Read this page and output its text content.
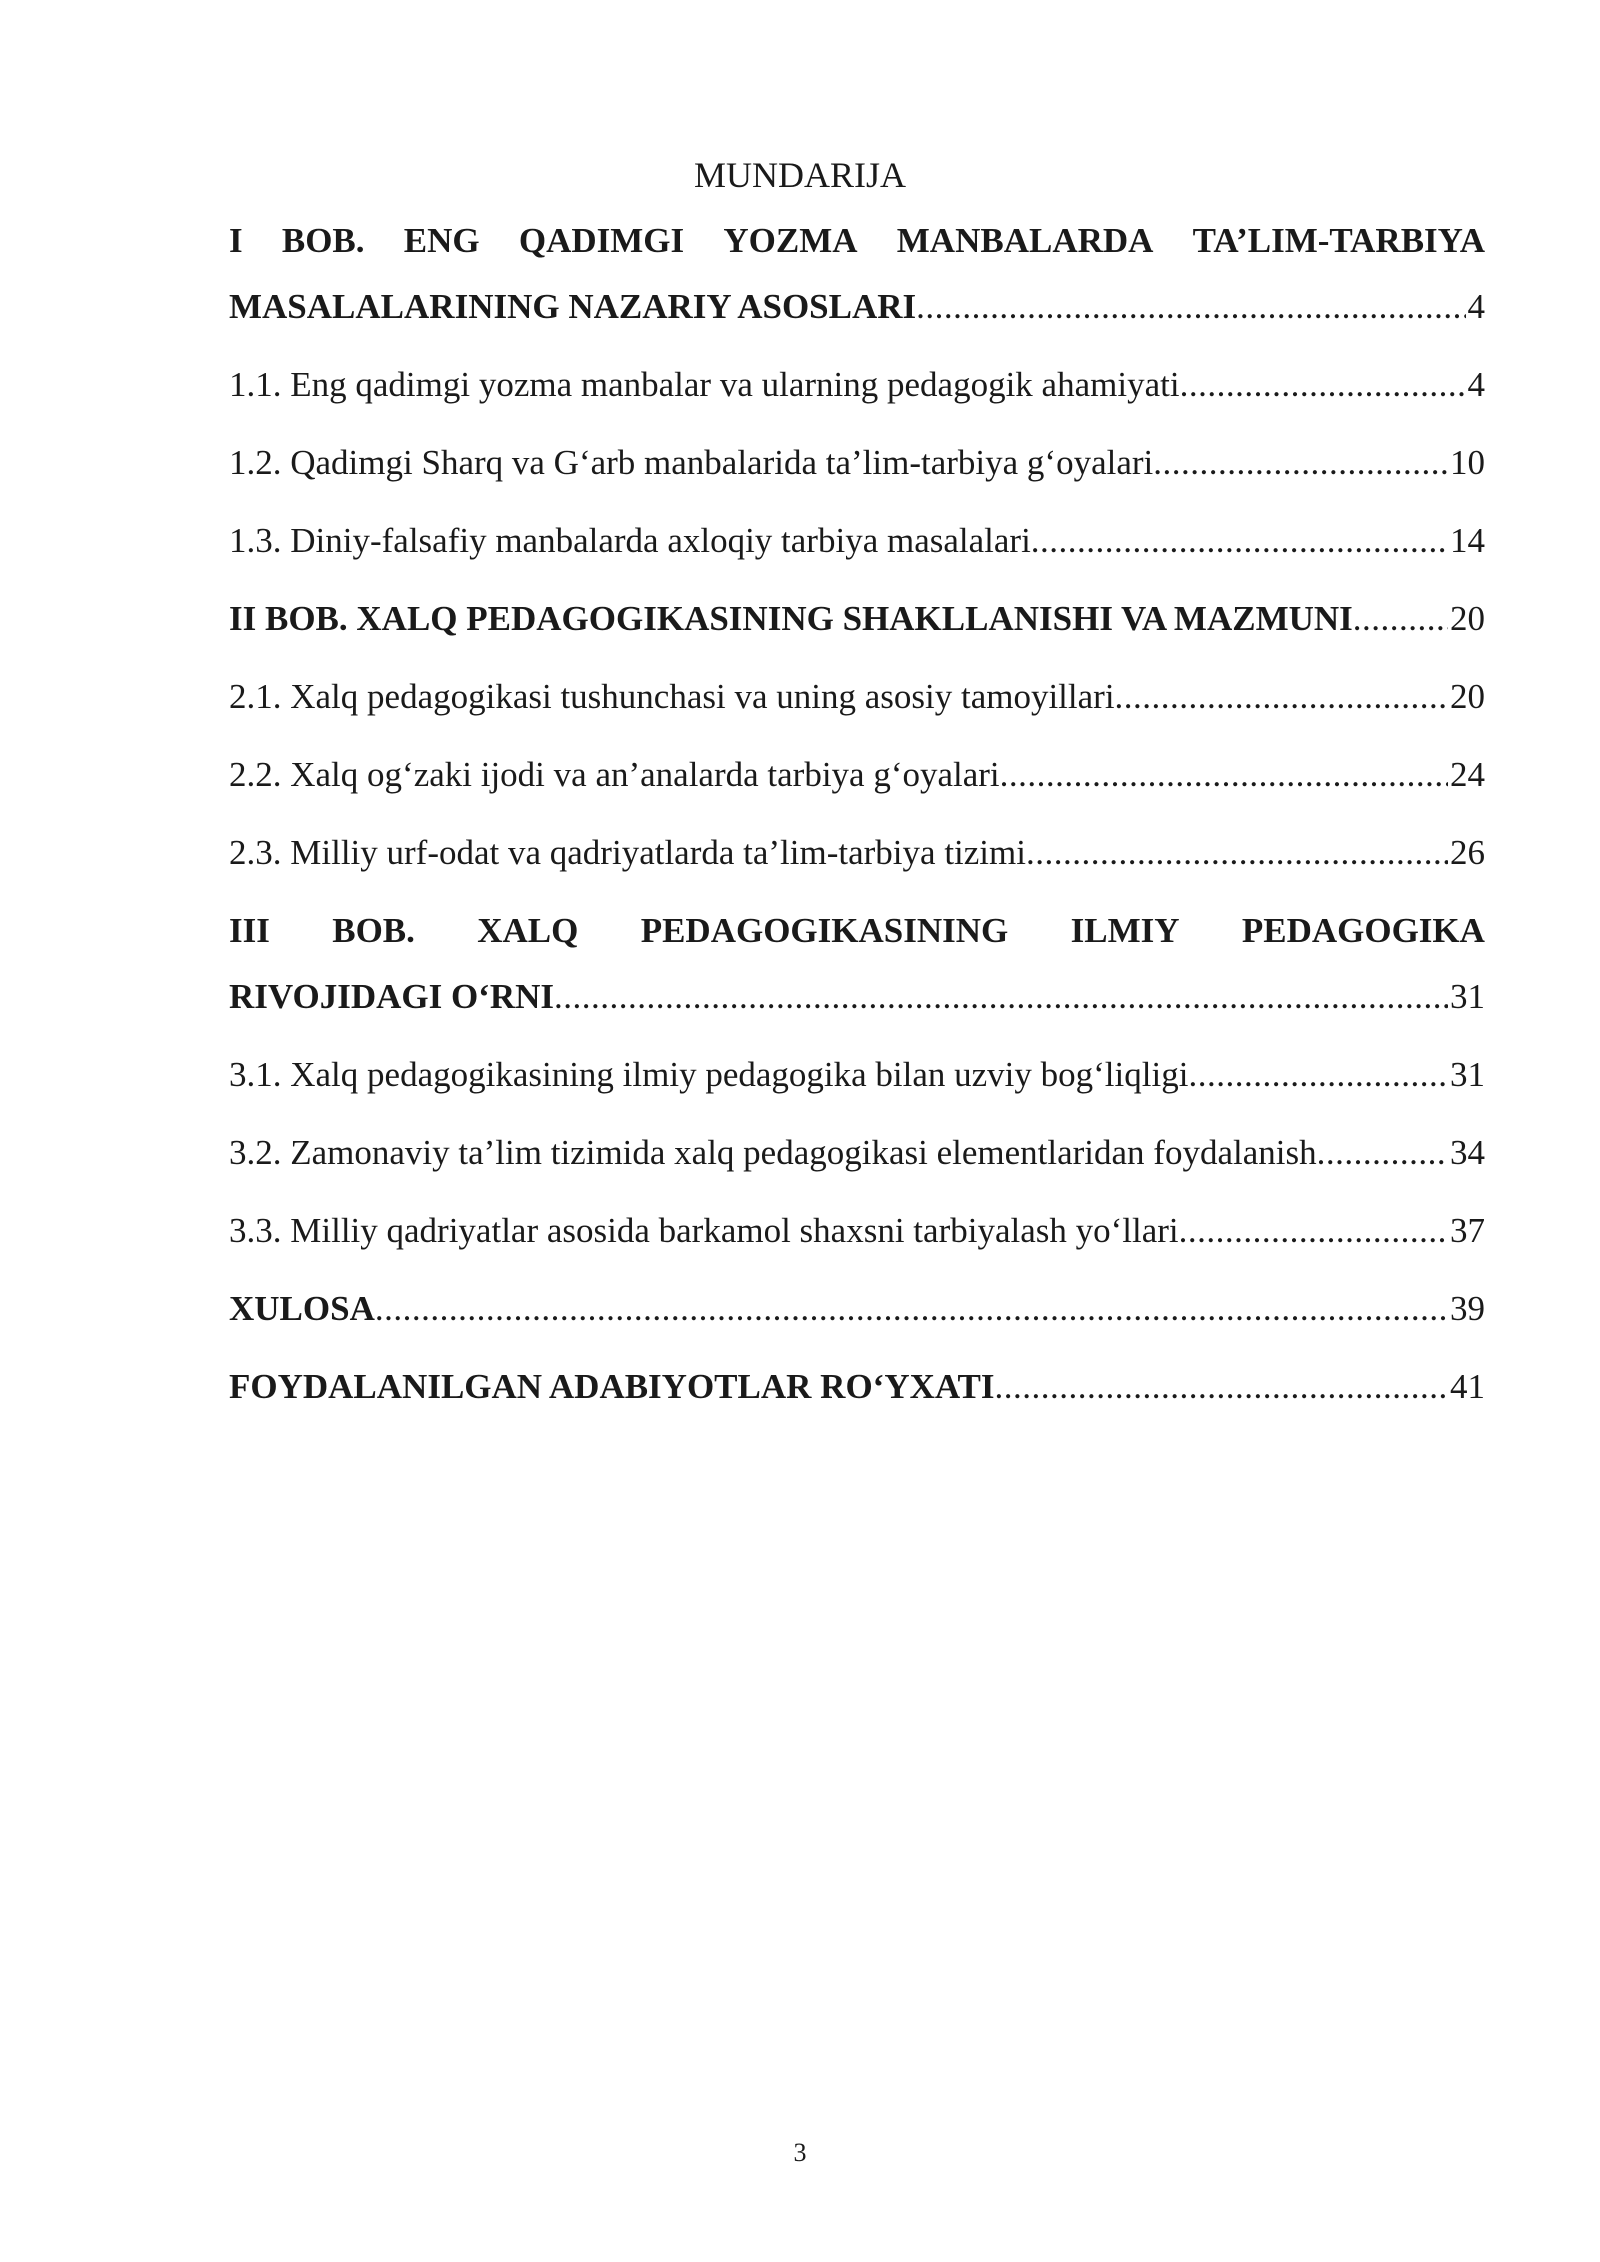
MUNDARIJA
I BOB. ENG QADIMGI YOZMA MANBALARDA TA’LIM-TARBIYA
MASALALARINING NAZARIY ASOSLARI .....	4
1.1. Eng qadimgi yozma manbalar va ularning pedagogik ahamiyati .....	4
1.2. Qadimgi Sharq va G‘arb manbalarida ta’lim-tarbiya g‘oyalari .....	10
1.3. Diniy-falsafiy manbalarda axloqiy tarbiya masalalari .....	14
II BOB. XALQ PEDAGOGIKASINING SHAKLLANISHI VA MAZMUNI .....	20
2.1. Xalq pedagogikasi tushunchasi va uning asosiy tamoyillari .....	20
2.2. Xalq og‘zaki ijodi va an’analarda tarbiya g‘oyalari .....	24
2.3. Milliy urf-odat va qadriyatlarda ta’lim-tarbiya tizimi .....	26
III BOB. XALQ PEDAGOGIKASINING ILMIY PEDAGOGIKA
RIVOJIDAGI O‘RNI .....	31
3.1. Xalq pedagogikasining ilmiy pedagogika bilan uzviy bog‘liqligi .....	31
3.2. Zamonaviy ta’lim tizimida xalq pedagogikasi elementlaridan foydalanish .....	34
3.3. Milliy qadriyatlar asosida barkamol shaxsni tarbiyalash yo‘llari .....	37
XULOSA .....	39
FOYDALANILGAN ADABIYOTLAR RO‘YXATI .....	41
3
